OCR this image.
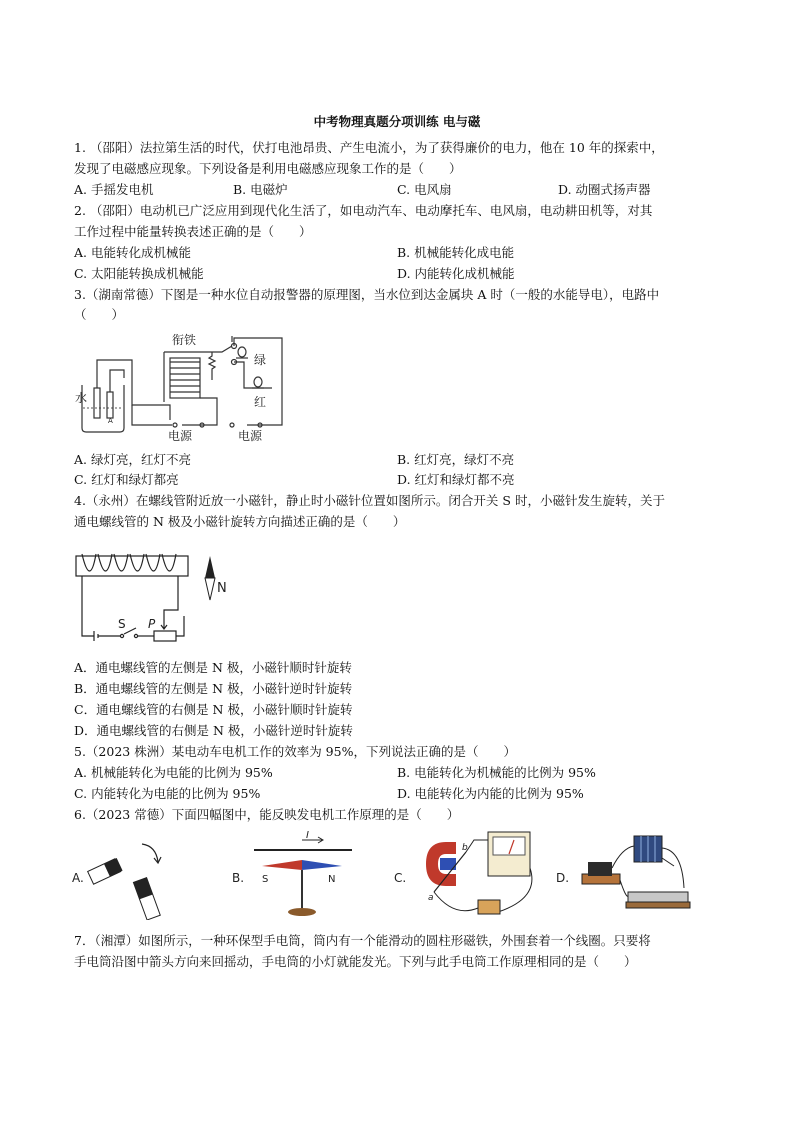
中考物理真题分项训练 电与磁
1. （邵阳）法拉第生活的时代，伏打电池昂贵、产生电流小，为了获得廉价的电力，他在 10 年的探索中，
发现了电磁感应现象。下列设备是利用电磁感应现象工作的是（　　）
A. 手摇发电机	B. 电磁炉	C. 电风扇	D. 动圈式扬声器
2. （邵阳）电动机已广泛应用到现代化生活了，如电动汽车、电动摩托车、电风扇，电动耕田机等，对其
工作过程中能量转换表述正确的是（　　）
A. 电能转化成机械能	B. 机械能转化成电能
C. 太阳能转换成机械能	D. 内能转化成机械能
3.（湖南常德）下图是一种水位自动报警器的原理图，当水位到达金属块 A 时（一般的水能导电），电路中
（　　）
衔铁
水
绿
红
电源	电源
A
A. 绿灯亮，红灯不亮	B. 红灯亮，绿灯不亮
C. 红灯和绿灯都亮	D. 红灯和绿灯都不亮
4.（永州）在螺线管附近放一小磁针，静止时小磁针位置如图所示。闭合开关 S 时，小磁针发生旋转，关于
通电螺线管的 N 极及小磁针旋转方向描述正确的是（　　）
N
S P
A．通电螺线管的左侧是 N 极，小磁针顺时针旋转
B．通电螺线管的左侧是 N 极，小磁针逆时针旋转
C．通电螺线管的右侧是 N 极，小磁针顺时针旋转
D．通电螺线管的右侧是 N 极，小磁针逆时针旋转
5.（2023 株洲）某电动车电机工作的效率为 95%，下列说法正确的是（　　）
A. 机械能转化为电能的比例为 95%	B. 电能转化为机械能的比例为 95%
C. 内能转化为电能的比例为 95%	D. 电能转化为内能的比例为 95%
6.（2023 常德）下面四幅图中，能反映发电机工作原理的是（　　）
A.	B.
I
S	N	C.
a
b
D.
7．（湘潭）如图所示，一种环保型手电筒，筒内有一个能滑动的圆柱形磁铁，外围套着一个线圈。只要将
手电筒沿图中箭头方向来回摇动，手电筒的小灯就能发光。下列与此手电筒工作原理相同的是（　　）
